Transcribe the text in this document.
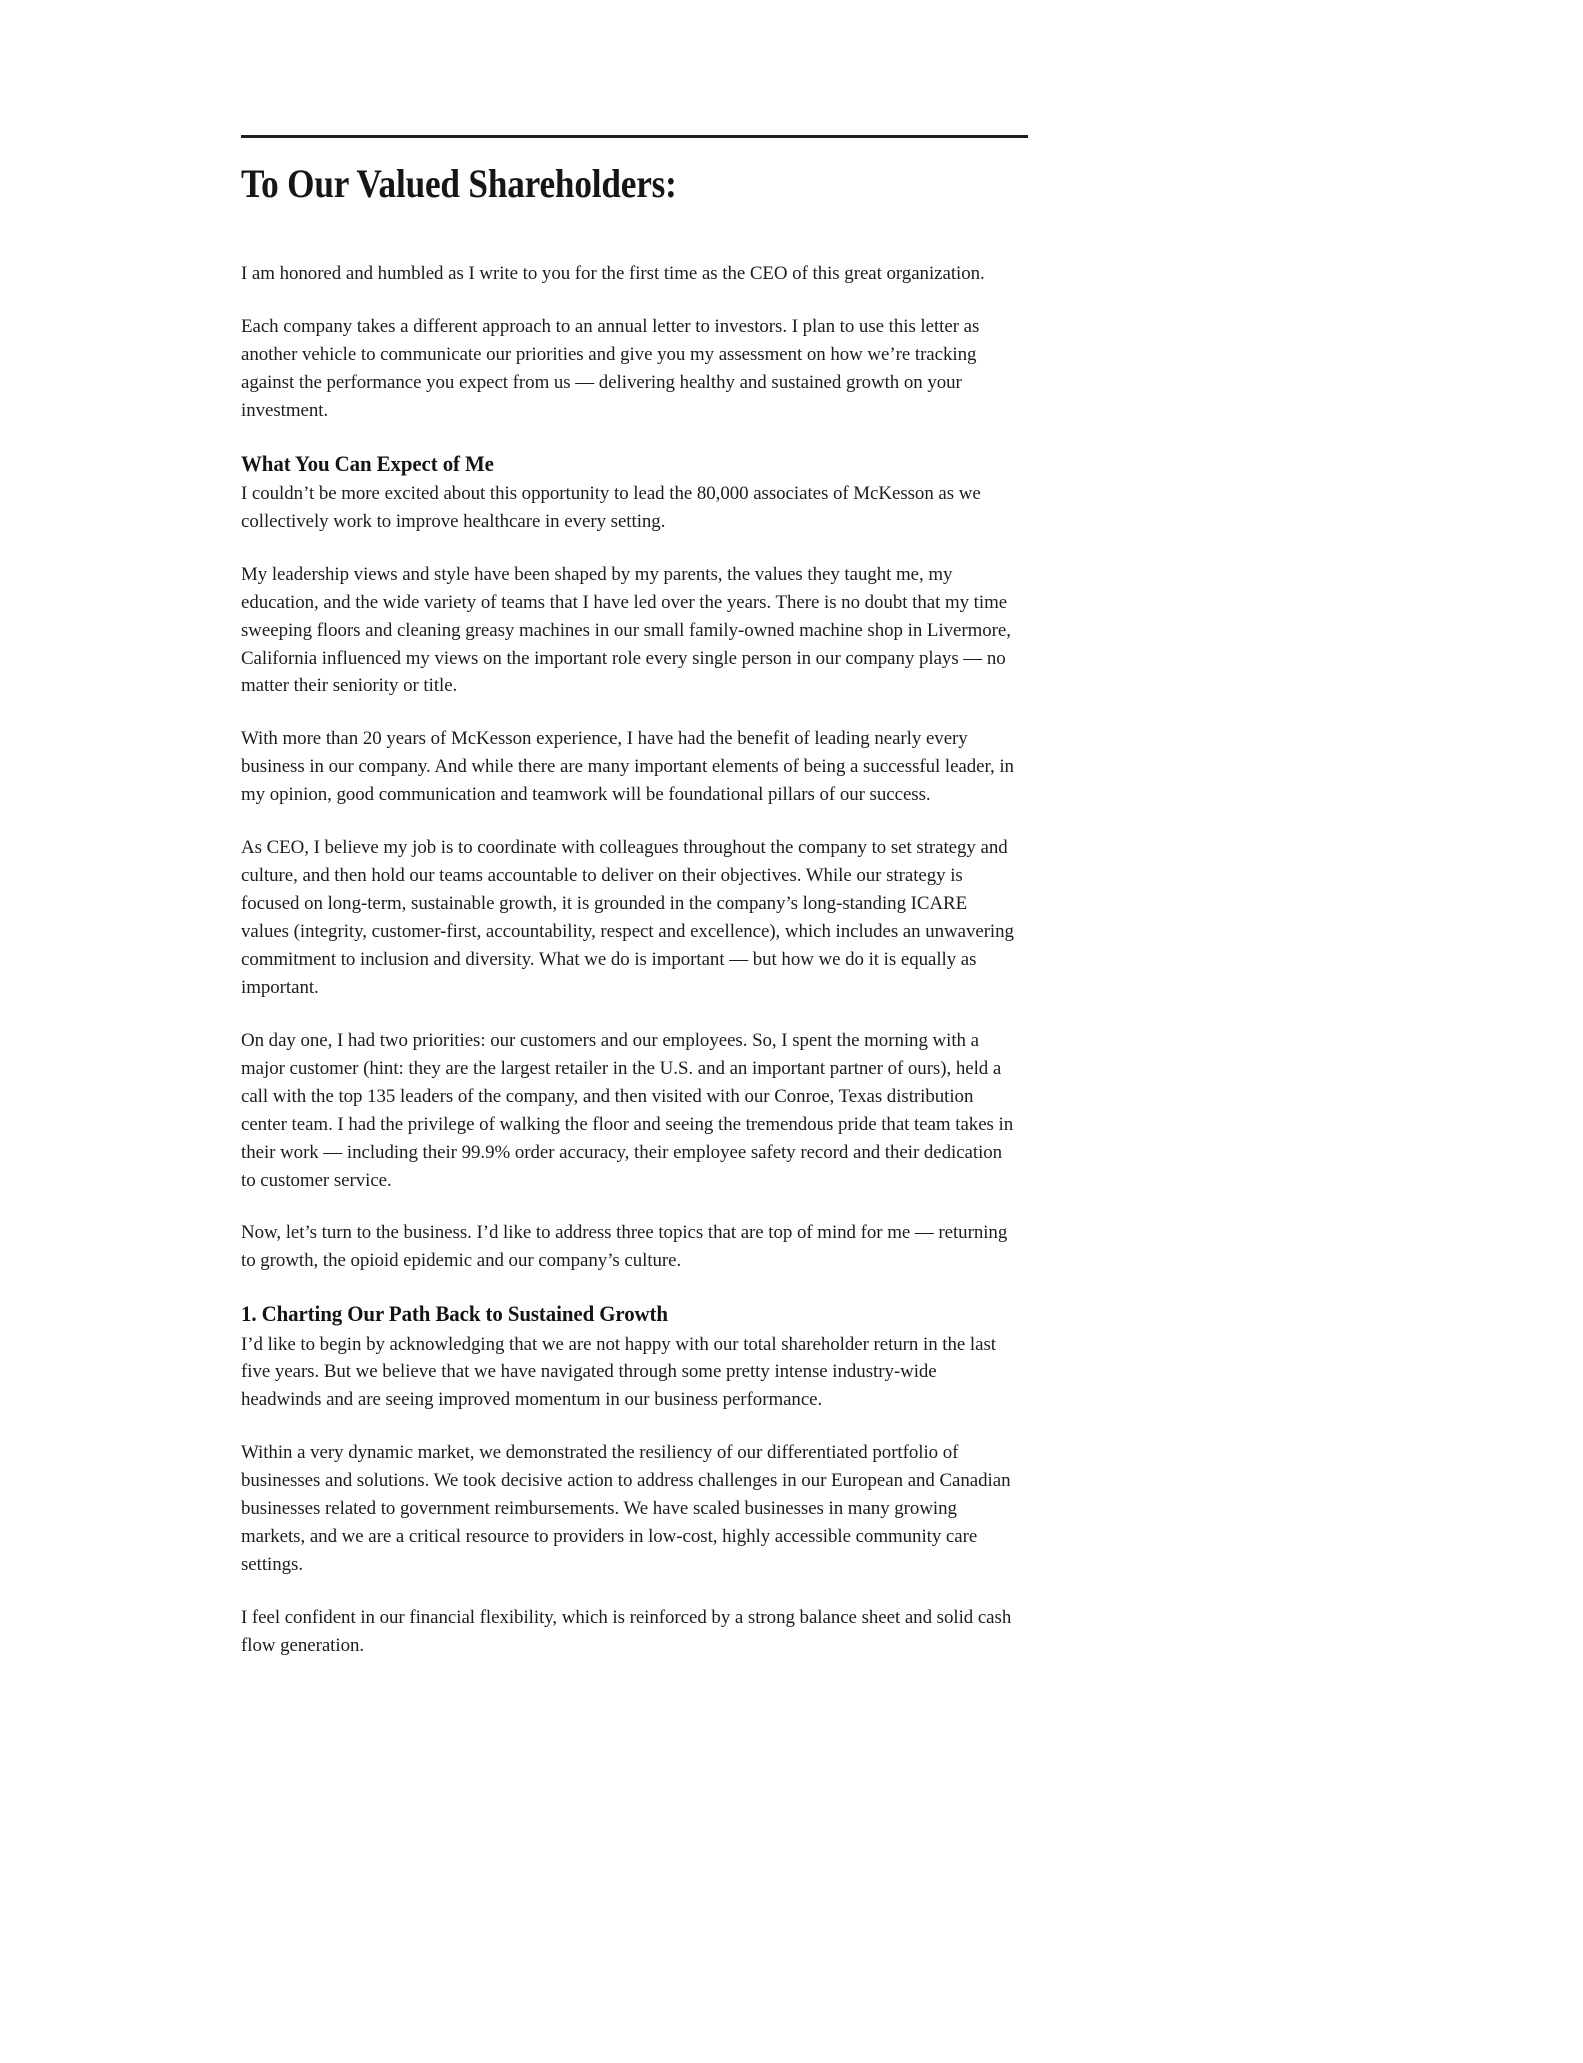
To Our Valued Shareholders:

I am honored and humbled as I write to you for the first time as the CEO of this great organization.

Each company takes a different approach to an annual letter to investors. I plan to use this letter as another vehicle to communicate our priorities and give you my assessment on how we’re tracking against the performance you expect from us — delivering healthy and sustained growth on your investment.

What You Can Expect of Me

I couldn’t be more excited about this opportunity to lead the 80,000 associates of McKesson as we collectively work to improve healthcare in every setting.

My leadership views and style have been shaped by my parents, the values they taught me, my education, and the wide variety of teams that I have led over the years. There is no doubt that my time sweeping floors and cleaning greasy machines in our small family-owned machine shop in Livermore, California influenced my views on the important role every single person in our company plays — no matter their seniority or title.

With more than 20 years of McKesson experience, I have had the benefit of leading nearly every business in our company. And while there are many important elements of being a successful leader, in my opinion, good communication and teamwork will be foundational pillars of our success.

As CEO, I believe my job is to coordinate with colleagues throughout the company to set strategy and culture, and then hold our teams accountable to deliver on their objectives. While our strategy is focused on long-term, sustainable growth, it is grounded in the company’s long-standing ICARE values (integrity, customer-first, accountability, respect and excellence), which includes an unwavering commitment to inclusion and diversity. What we do is important — but how we do it is equally as important.

On day one, I had two priorities: our customers and our employees. So, I spent the morning with a major customer (hint: they are the largest retailer in the U.S. and an important partner of ours), held a call with the top 135 leaders of the company, and then visited with our Conroe, Texas distribution center team. I had the privilege of walking the floor and seeing the tremendous pride that team takes in their work — including their 99.9% order accuracy, their employee safety record and their dedication to customer service.

Now, let’s turn to the business. I’d like to address three topics that are top of mind for me — returning to growth, the opioid epidemic and our company’s culture.

1. Charting Our Path Back to Sustained Growth

I’d like to begin by acknowledging that we are not happy with our total shareholder return in the last five years. But we believe that we have navigated through some pretty intense industry-wide headwinds and are seeing improved momentum in our business performance.

Within a very dynamic market, we demonstrated the resiliency of our differentiated portfolio of businesses and solutions. We took decisive action to address challenges in our European and Canadian businesses related to government reimbursements. We have scaled businesses in many growing markets, and we are a critical resource to providers in low-cost, highly accessible community care settings.

I feel confident in our financial flexibility, which is reinforced by a strong balance sheet and solid cash flow generation.
